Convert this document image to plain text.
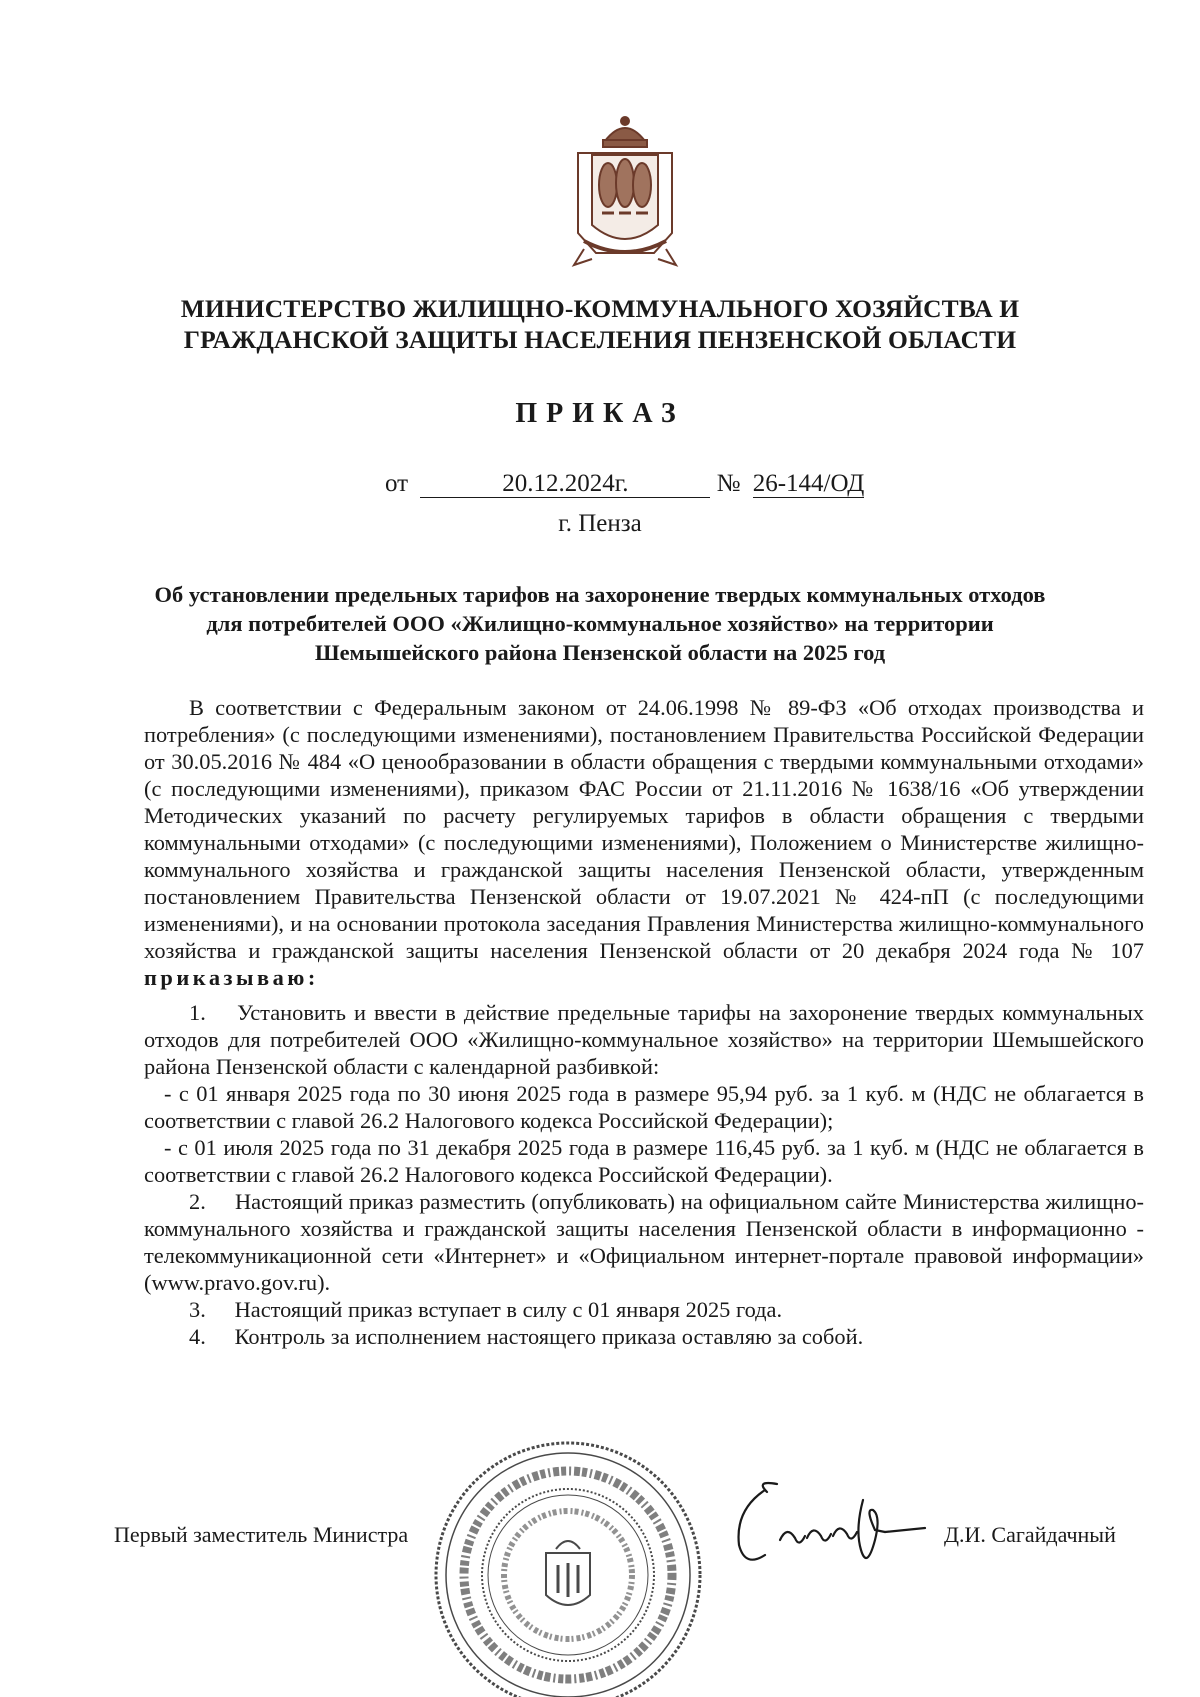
МИНИСТЕРСТВО ЖИЛИЩНО-КОММУНАЛЬНОГО ХОЗЯЙСТВА И
ГРАЖДАНСКОЙ ЗАЩИТЫ НАСЕЛЕНИЯ ПЕНЗЕНСКОЙ ОБЛАСТИ
ПРИКАЗ
от	20.12.2024г.	№ 26-144/ОД
г. Пенза
Об установлении предельных тарифов на захоронение твердых коммунальных отходов
для потребителей ООО «Жилищно-коммунальное хозяйство» на территории
Шемышейского района Пензенской области на 2025 год

В соответствии с Федеральным законом от 24.06.1998 № 89-ФЗ «Об отходах производства и потребления» (с последующими изменениями), постановлением Правительства Российской Федерации от 30.05.2016 № 484 «О ценообразовании в области обращения с твердыми коммунальными отходами» (с последующими изменениями), приказом ФАС России от 21.11.2016 № 1638/16 «Об утверждении Методических указаний по расчету регулируемых тарифов в области обращения с твердыми коммунальными отходами» (с последующими изменениями), Положением о Министерстве жилищно-коммунального хозяйства и гражданской защиты населения Пензенской области, утвержденным постановлением Правительства Пензенской области от 19.07.2021 № 424-пП (с последующими изменениями), и на основании протокола заседания Правления Министерства жилищно-коммунального хозяйства и гражданской защиты населения Пензенской области от 20 декабря 2024 года № 107 приказываю:

1. Установить и ввести в действие предельные тарифы на захоронение твердых коммунальных отходов для потребителей ООО «Жилищно-коммунальное хозяйство» на территории Шемышейского района Пензенской области с календарной разбивкой:

- с 01 января 2025 года по 30 июня 2025 года в размере 95,94 руб. за 1 куб. м (НДС не облагается в соответствии с главой 26.2 Налогового кодекса Российской Федерации);

- с 01 июля 2025 года по 31 декабря 2025 года в размере 116,45 руб. за 1 куб. м (НДС не облагается в соответствии с главой 26.2 Налогового кодекса Российской Федерации).

2. Настоящий приказ разместить (опубликовать) на официальном сайте Министерства жилищно-коммунального хозяйства и гражданской защиты населения Пензенской области в информационно - телекоммуникационной сети «Интернет» и «Официальном интернет-портале правовой информации» (www.pravo.gov.ru).

3. Настоящий приказ вступает в силу с 01 января 2025 года.

4. Контроль за исполнением настоящего приказа оставляю за собой.

Первый заместитель Министра	Д.И. Сагайдачный
